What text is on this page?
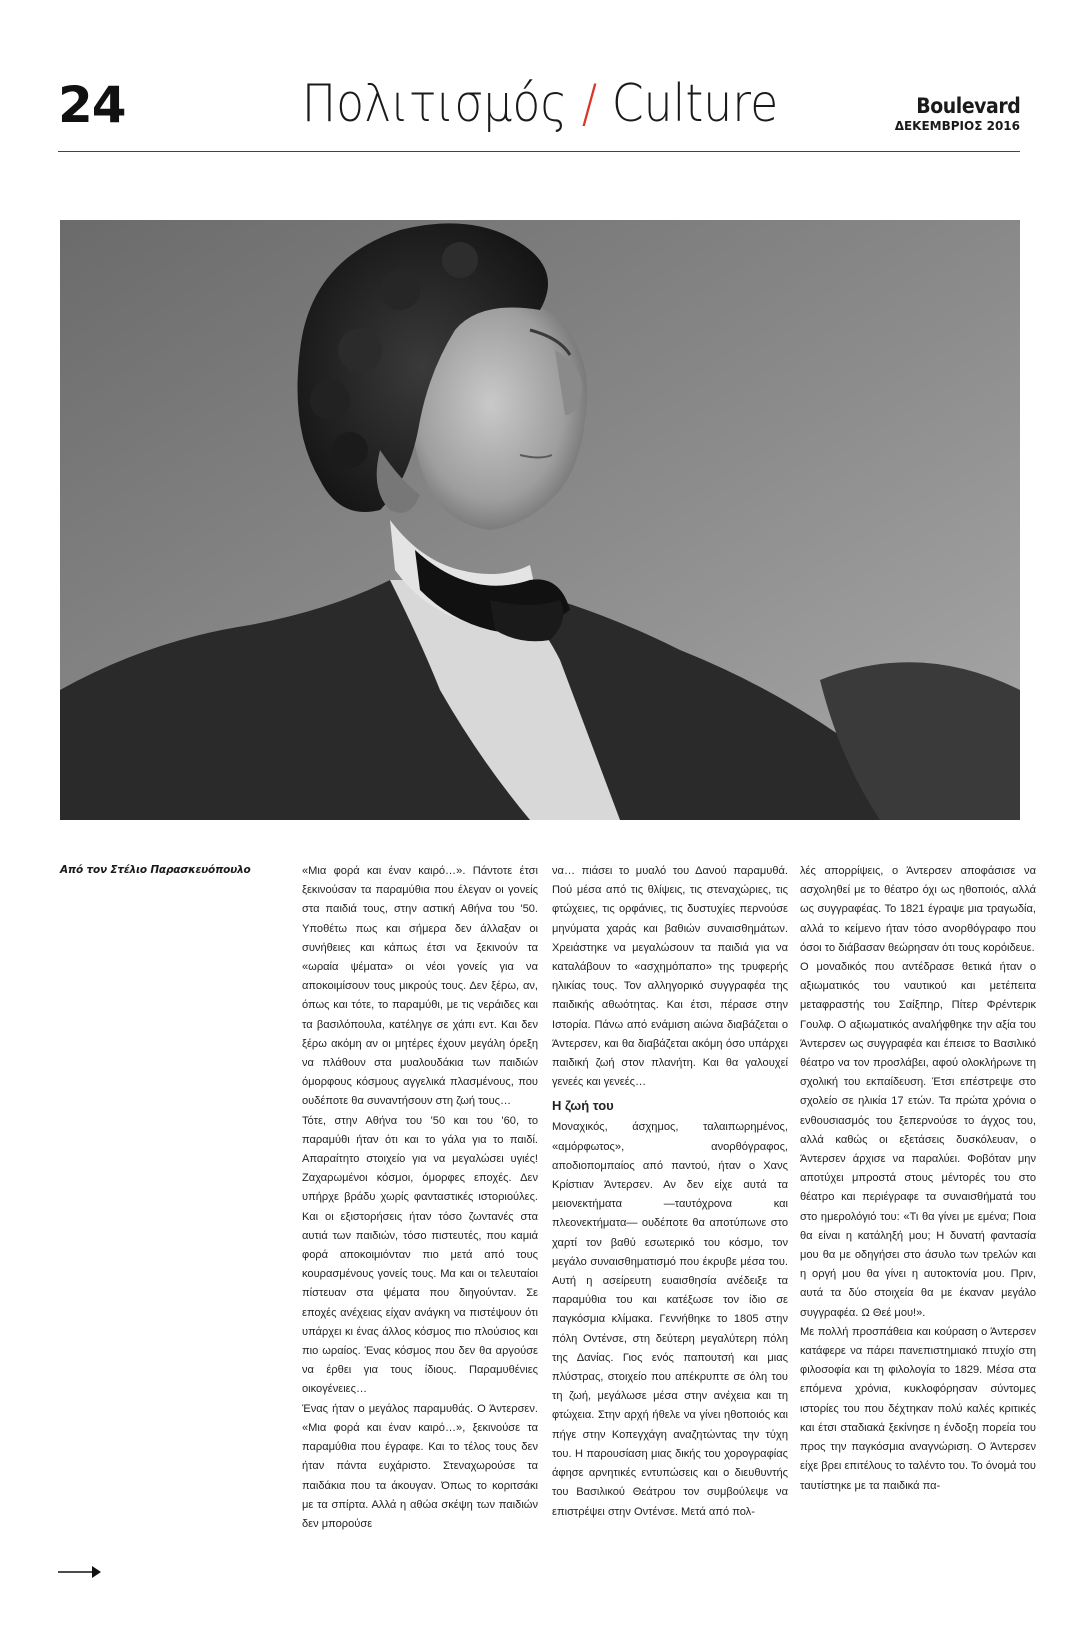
24	Πολιτισμός / Culture	Boulevard
ΔΕΚΕΜΒΡΙΟΣ 2016
Από τον Στέλιο Παρασκευόπουλο	«Μια φορά και έναν καιρό…». Πάντοτε έτσι ξεκινούσαν τα παραμύθια που έλεγαν οι γονείς στα παιδιά τους, στην αστική Αθήνα του '50. Υποθέτω πως και σήμερα δεν άλλαξαν οι συνήθειες και κάπως έτσι να ξεκινούν τα «ωραία ψέματα» οι νέοι γονείς για να αποκοιμίσουν τους μικρούς τους. Δεν ξέρω, αν, όπως και τότε, το παραμύθι, με τις νεράιδες και τα βασιλόπουλα, κατέληγε σε χάπι εντ. Και δεν ξέρω ακόμη αν οι μητέρες έχουν μεγάλη όρεξη να πλάθουν στα μυαλουδάκια των παιδιών όμορφους κόσμους αγγελικά πλασμένους, που ουδέποτε θα συναντήσουν στη ζωή τους…

Τότε, στην Αθήνα του '50 και του '60, το παραμύθι ήταν ότι και το γάλα για το παιδί. Απαραίτητο στοιχείο για να μεγαλώσει υγιές! Ζαχαρωμένοι κόσμοι, όμορφες εποχές. Δεν υπήρχε βράδυ χωρίς φανταστικές ιστοριούλες. Και οι εξιστορήσεις ήταν τόσο ζωντανές στα αυτιά των παιδιών, τόσο πιστευτές, που καμιά φορά αποκοιμιόνταν πιο μετά από τους κουρασμένους γονείς τους. Μα και οι τελευταίοι πίστευαν στα ψέματα που διηγούνταν. Σε εποχές ανέχειας είχαν ανάγκη να πιστέψουν ότι υπάρχει κι ένας άλλος κόσμος πιο πλούσιος και πιο ωραίος. Ένας κόσμος που δεν θα αργούσε να έρθει για τους ίδιους. Παραμυθένιες οικογένειες…

Ένας ήταν ο μεγάλος παραμυθάς. Ο Άντερσεν. «Μια φορά και έναν καιρό…», ξεκινούσε τα παραμύθια που έγραφε. Και το τέλος τους δεν ήταν πάντα ευχάριστο. Στεναχωρούσε τα παιδάκια που τα άκουγαν. Όπως το κοριτσάκι με τα σπίρτα. Αλλά η αθώα σκέψη των παιδιών δεν μπορούσε

να… πιάσει το μυαλό του Δανού παραμυθά. Πού μέσα από τις θλίψεις, τις στεναχώριες, τις φτώχειες, τις ορφάνιες, τις δυστυχίες περνούσε μηνύματα χαράς και βαθιών συναισθημάτων. Χρειάστηκε να μεγαλώσουν τα παιδιά για να καταλάβουν το «ασχημόπαπο» της τρυφερής ηλικίας τους. Τον αλληγορικό συγγραφέα της παιδικής αθωότητας. Και έτσι, πέρασε στην Ιστορία. Πάνω από ενάμιση αιώνα διαβάζεται ο Άντερσεν, και θα διαβάζεται ακόμη όσο υπάρχει παιδική ζωή στον πλανήτη. Και θα γαλουχεί γενεές και γενεές…

Η ζωή του

Μοναχικός, άσχημος, ταλαιπωρημένος, «αμόρφωτος», ανορθόγραφος, αποδιοπομπαίος από παντού, ήταν ο Χανς Κρίστιαν Άντερσεν. Αν δεν είχε αυτά τα μειονεκτήματα —ταυτόχρονα και πλεονεκτήματα— ουδέποτε θα αποτύπωνε στο χαρτί τον βαθύ εσωτερικό του κόσμο, τον μεγάλο συναισθηματισμό που έκρυβε μέσα του. Αυτή η ασείρευτη ευαισθησία ανέδειξε τα παραμύθια του και κατέξωσε τον ίδιο σε παγκόσμια κλίμακα. Γεννήθηκε το 1805 στην πόλη Οντένσε, στη δεύτερη μεγαλύτερη πόλη της Δανίας. Γιος ενός παπουτσή και μιας πλύστρας, στοιχείο που απέκρυπτε σε όλη του τη ζωή, μεγάλωσε μέσα στην ανέχεια και τη φτώχεια. Στην αρχή ήθελε να γίνει ηθοποιός και πήγε στην Κοπεγχάγη αναζητώντας την τύχη του. Η παρουσίαση μιας δικής του χορογραφίας άφησε αρνητικές εντυπώσεις και ο διευθυντής του Βασιλικού Θεάτρου τον συμβούλεψε να επιστρέψει στην Οντένσε. Μετά από πολ-

λές απορρίψεις, ο Άντερσεν αποφάσισε να ασχοληθεί με το θέατρο όχι ως ηθοποιός, αλλά ως συγγραφέας. Το 1821 έγραψε μια τραγωδία, αλλά το κείμενο ήταν τόσο ανορθόγραφο που όσοι το διάβασαν θεώρησαν ότι τους κορόιδευε.

Ο μοναδικός που αντέδρασε θετικά ήταν ο αξιωματικός του ναυτικού και μετέπειτα μεταφραστής του Σαίξπηρ, Πίτερ Φρέντερικ Γουλφ. Ο αξιωματικός αναλήφθηκε την αξία του Άντερσεν ως συγγραφέα και έπεισε το Βασιλικό θέατρο να τον προσλάβει, αφού ολοκλήρωνε τη σχολική του εκπαίδευση. Έτσι επέστρεψε στο σχολείο σε ηλικία 17 ετών. Τα πρώτα χρόνια ο ενθουσιασμός του ξεπερνούσε το άγχος του, αλλά καθώς οι εξετάσεις δυσκόλευαν, ο Άντερσεν άρχισε να παραλύει. Φοβόταν μην αποτύχει μπροστά στους μέντορές του στο θέατρο και περιέγραφε τα συναισθήματά του στο ημερολόγιό του: «Τι θα γίνει με εμένα; Ποια θα είναι η κατάληξή μου; Η δυνατή φαντασία μου θα με οδηγήσει στο άσυλο των τρελών και η οργή μου θα γίνει η αυτοκτονία μου. Πριν, αυτά τα δύο στοιχεία θα με έκαναν μεγάλο συγγραφέα. Ω Θεέ μου!».

Με πολλή προσπάθεια και κούραση ο Άντερσεν κατάφερε να πάρει πανεπιστημιακό πτυχίο στη φιλοσοφία και τη φιλολογία το 1829. Μέσα στα επόμενα χρόνια, κυκλοφόρησαν σύντομες ιστορίες του που δέχτηκαν πολύ καλές κριτικές και έτσι σταδιακά ξεκίνησε η ένδοξη πορεία του προς την παγκόσμια αναγνώριση. Ο Άντερσεν είχε βρει επιτέλους το ταλέντο του. Το όνομά του ταυτίστηκε με τα παιδικά πα-
